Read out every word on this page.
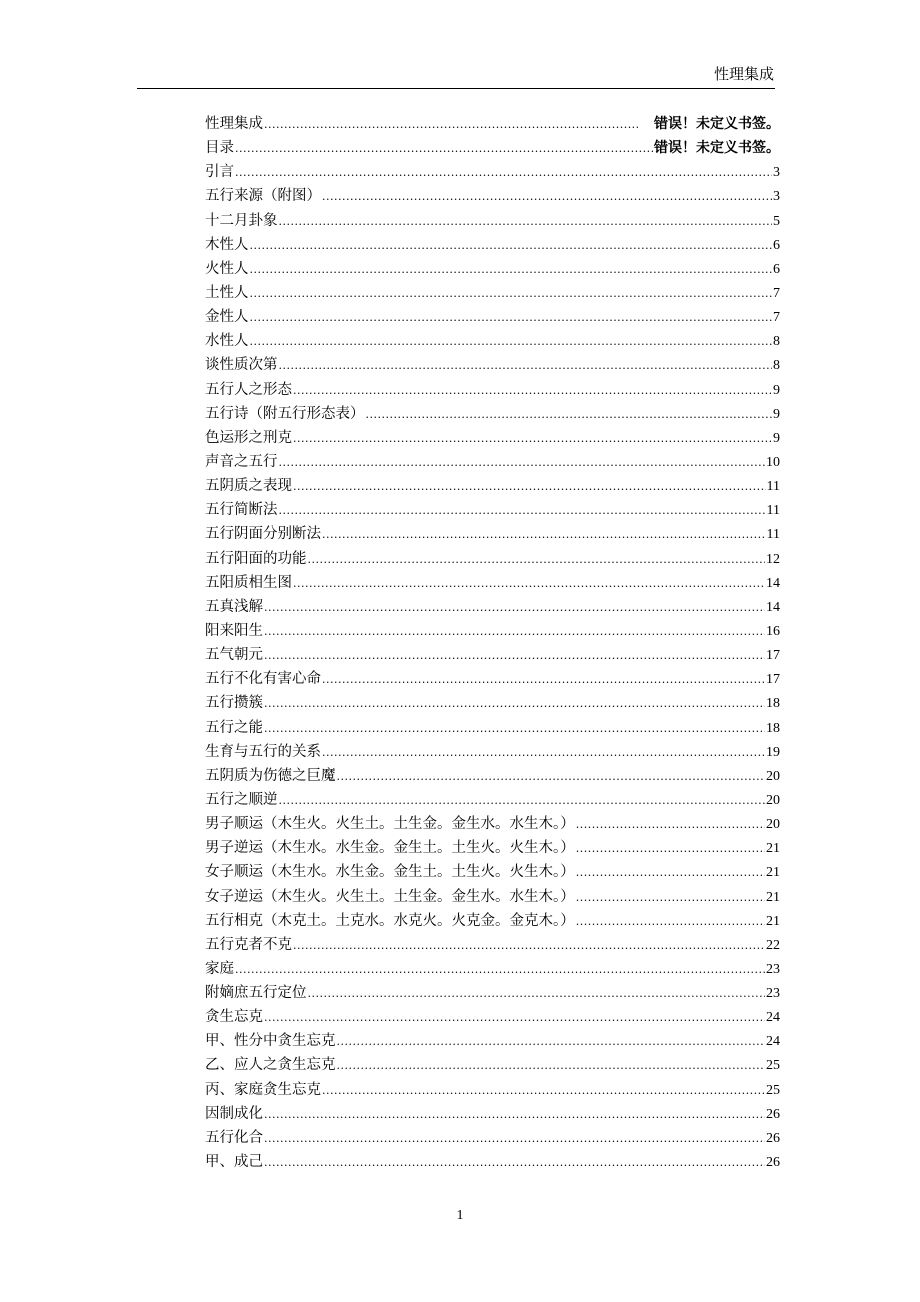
性理集成
性理集成 .....	错误！未定义书签。
目录 .....	错误！未定义书签。
引言 .....	3
五行来源（附图） .....	3
十二月卦象 .....	5
木性人 .....	6
火性人 .....	6
土性人 .....	7
金性人 .....	7
水性人 .....	8
谈性质次第 .....	8
五行人之形态 .....	9
五行诗（附五行形态表） .....	9
色运形之刑克 .....	9
声音之五行 .....	10
五阴质之表现 .....	11
五行简断法 .....	11
五行阴面分别断法 .....	11
五行阳面的功能 .....	12
五阳质相生图 .....	14
五真浅解 .....	14
阳来阳生 .....	16
五气朝元 .....	17
五行不化有害心命 .....	17
五行攒簇 .....	18
五行之能 .....	18
生育与五行的关系 .....	19
五阴质为伤德之巨魔 .....	20
五行之顺逆 .....	20
男子顺运（木生火。火生土。土生金。金生水。水生木。） .....	20
男子逆运（木生水。水生金。金生土。土生火。火生木。） .....	21
女子顺运（木生水。水生金。金生土。土生火。火生木。） .....	21
女子逆运（木生火。火生土。土生金。金生水。水生木。） .....	21
五行相克（木克土。土克水。水克火。火克金。金克木。） .....	21
五行克者不克 .....	22
家庭 .....	23
附嫡庶五行定位 .....	23
贪生忘克 .....	24
甲、性分中贪生忘克 .....	24
乙、应人之贪生忘克 .....	25
丙、家庭贪生忘克 .....	25
因制成化 .....	26
五行化合 .....	26
甲、成己 .....	26
1
